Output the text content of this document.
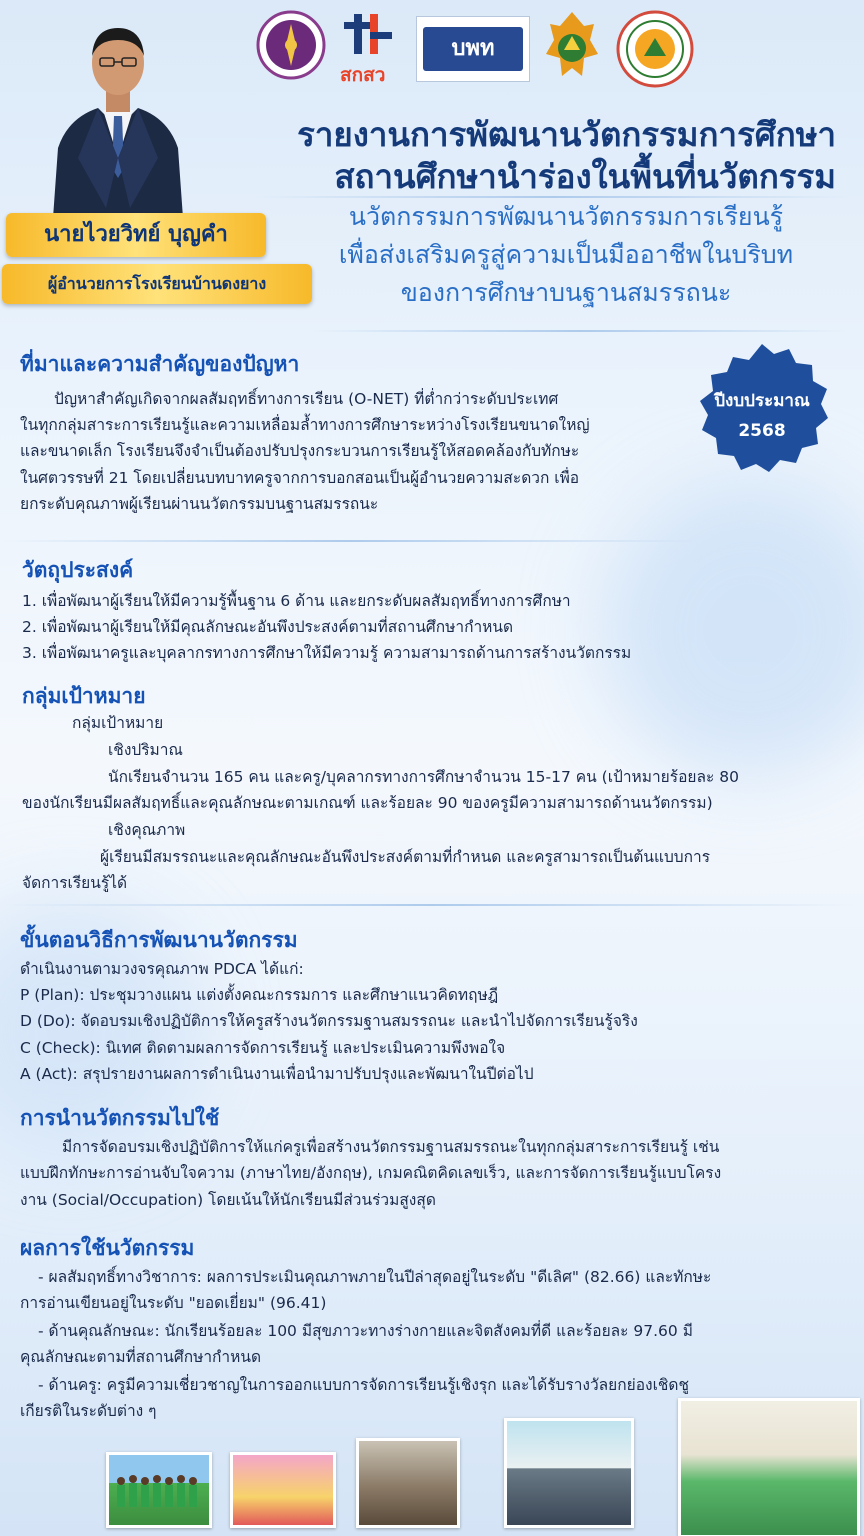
สกสว
บพท
รายงานการพัฒนานวัตกรรมการศึกษา
สถานศึกษานำร่องในพื้นที่นวัตกรรม
นวัตกรรมการพัฒนานวัตกรรมการเรียนรู้
เพื่อส่งเสริมครูสู่ความเป็นมืออาชีพในบริบท
ของการศึกษาบนฐานสมรรถนะ
นายไวยวิทย์ บุญคำ
ผู้อำนวยการโรงเรียนบ้านดงยาง
ปีงบประมาณ
2568
ที่มาและความสำคัญของปัญหา
ปัญหาสำคัญเกิดจากผลสัมฤทธิ์ทางการเรียน (O-NET) ที่ต่ำกว่าระดับประเทศ
ในทุกกลุ่มสาระการเรียนรู้และความเหลื่อมล้ำทางการศึกษาระหว่างโรงเรียนขนาดใหญ่
และขนาดเล็ก โรงเรียนจึงจำเป็นต้องปรับปรุงกระบวนการเรียนรู้ให้สอดคล้องกับทักษะ
ในศตวรรษที่ 21 โดยเปลี่ยนบทบาทครูจากการบอกสอนเป็นผู้อำนวยความสะดวก เพื่อ
ยกระดับคุณภาพผู้เรียนผ่านนวัตกรรมบนฐานสมรรถนะ
วัตถุประสงค์
1. เพื่อพัฒนาผู้เรียนให้มีความรู้พื้นฐาน 6 ด้าน และยกระดับผลสัมฤทธิ์ทางการศึกษา
2. เพื่อพัฒนาผู้เรียนให้มีคุณลักษณะอันพึงประสงค์ตามที่สถานศึกษากำหนด
3. เพื่อพัฒนาครูและบุคลากรทางการศึกษาให้มีความรู้ ความสามารถด้านการสร้างนวัตกรรม
กลุ่มเป้าหมาย
กลุ่มเป้าหมาย
เชิงปริมาณ
นักเรียนจำนวน 165 คน และครู/บุคลากรทางการศึกษาจำนวน 15-17 คน (เป้าหมายร้อยละ 80
ของนักเรียนมีผลสัมฤทธิ์และคุณลักษณะตามเกณฑ์ และร้อยละ 90 ของครูมีความสามารถด้านนวัตกรรม)
เชิงคุณภาพ
ผู้เรียนมีสมรรถนะและคุณลักษณะอันพึงประสงค์ตามที่กำหนด และครูสามารถเป็นต้นแบบการ
จัดการเรียนรู้ได้
ขั้นตอนวิธีการพัฒนานวัตกรรม
ดำเนินงานตามวงจรคุณภาพ PDCA ได้แก่:
P (Plan): ประชุมวางแผน แต่งตั้งคณะกรรมการ และศึกษาแนวคิดทฤษฎี
D (Do): จัดอบรมเชิงปฏิบัติการให้ครูสร้างนวัตกรรมฐานสมรรถนะ และนำไปจัดการเรียนรู้จริง
C (Check): นิเทศ ติดตามผลการจัดการเรียนรู้ และประเมินความพึงพอใจ
A (Act): สรุปรายงานผลการดำเนินงานเพื่อนำมาปรับปรุงและพัฒนาในปีต่อไป
การนำนวัตกรรมไปใช้
มีการจัดอบรมเชิงปฏิบัติการให้แก่ครูเพื่อสร้างนวัตกรรมฐานสมรรถนะในทุกกลุ่มสาระการเรียนรู้ เช่น
แบบฝึกทักษะการอ่านจับใจความ (ภาษาไทย/อังกฤษ), เกมคณิตคิดเลขเร็ว, และการจัดการเรียนรู้แบบโครง
งาน (Social/Occupation) โดยเน้นให้นักเรียนมีส่วนร่วมสูงสุด
ผลการใช้นวัตกรรม
- ผลสัมฤทธิ์ทางวิชาการ: ผลการประเมินคุณภาพภายในปีล่าสุดอยู่ในระดับ "ดีเลิศ" (82.66) และทักษะ
การอ่านเขียนอยู่ในระดับ "ยอดเยี่ยม" (96.41)
- ด้านคุณลักษณะ: นักเรียนร้อยละ 100 มีสุขภาวะทางร่างกายและจิตสังคมที่ดี และร้อยละ 97.60 มี
คุณลักษณะตามที่สถานศึกษากำหนด
- ด้านครู: ครูมีความเชี่ยวชาญในการออกแบบการจัดการเรียนรู้เชิงรุก และได้รับรางวัลยกย่องเชิดชู
เกียรติในระดับต่าง ๆ
